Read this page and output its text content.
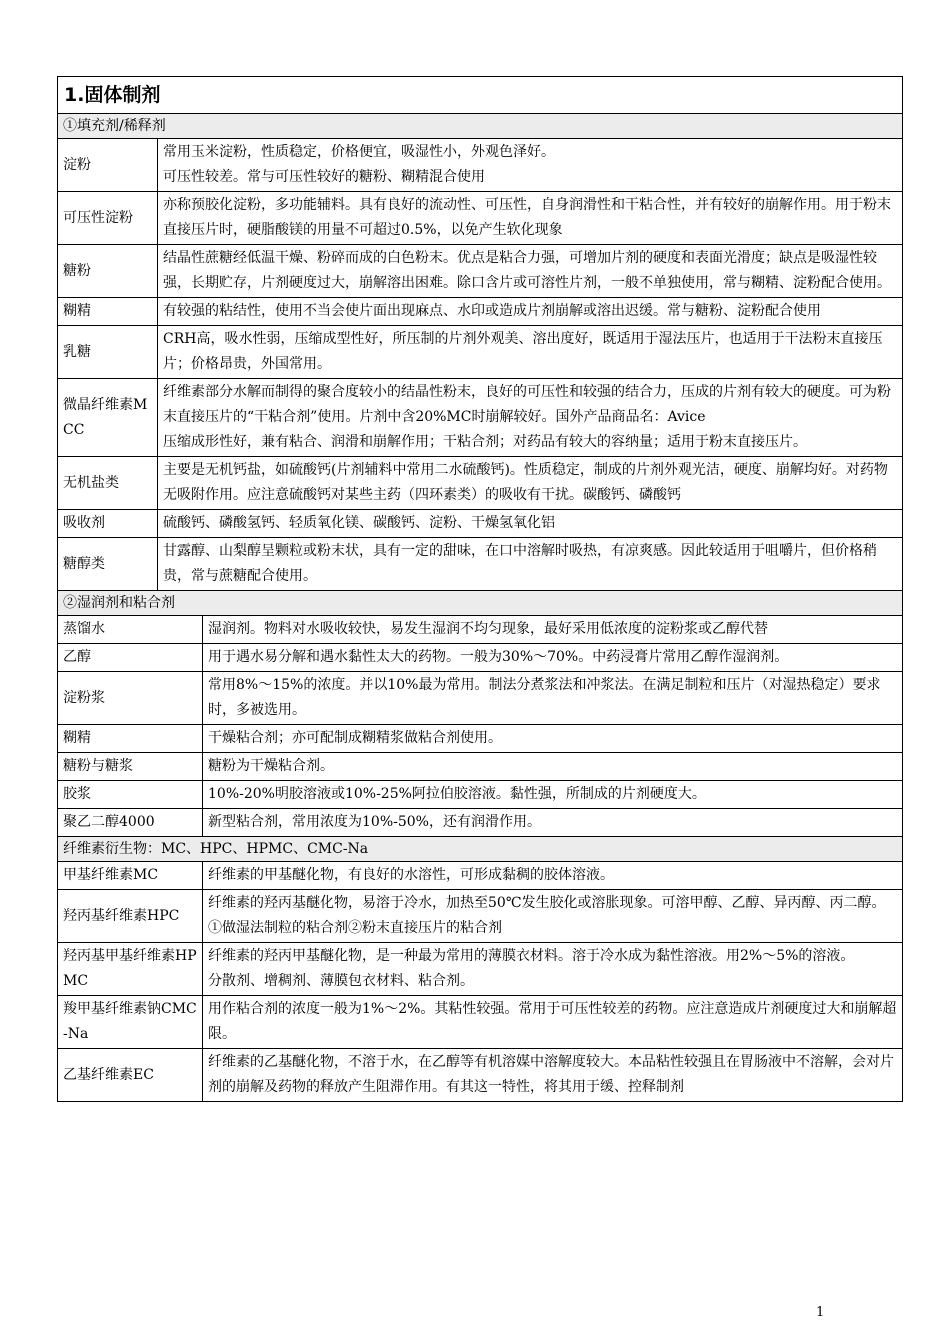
1.固体制剂		
①填充剂/稀释剂		
淀粉	常用玉米淀粉，性质稳定，价格便宜，吸湿性小，外观色泽好。
可压性较差。常与可压性较好的糖粉、糊精混合使用	

可压性淀粉	亦称预胶化淀粉，多功能辅料。具有良好的流动性、可压性，自身润滑性和干粘合性，并有较好的崩解作用。用于粉末直接压片时，硬脂酸镁的用量不可超过0.5%，以免产生软化现象	

糖粉	结晶性蔗糖经低温干燥、粉碎而成的白色粉末。优点是粘合力强，可增加片剂的硬度和表面光滑度；缺点是吸湿性较强，长期贮存，片剂硬度过大，崩解溶出困难。除口含片或可溶性片剂，一般不单独使用，常与糊精、淀粉配合使用。	

糊精	有较强的粘结性，使用不当会使片面出现麻点、水印或造成片剂崩解或溶出迟缓。常与糖粉、淀粉配合使用	

乳糖	CRH高，吸水性弱，压缩成型性好，所压制的片剂外观美、溶出度好，既适用于湿法压片，也适用于干法粉末直接压片；价格昂贵，外国常用。	

微晶纤维素MCC	纤维素部分水解而制得的聚合度较小的结晶性粉末，良好的可压性和较强的结合力，压成的片剂有较大的硬度。可为粉末直接压片的“干粘合剂”使用。片剂中含20%MC时崩解较好。国外产品商品名：Avice
压缩成形性好，兼有粘合、润滑和崩解作用；干粘合剂；对药品有较大的容纳量；适用于粉末直接压片。	

无机盐类	主要是无机钙盐，如硫酸钙(片剂辅料中常用二水硫酸钙)。性质稳定，制成的片剂外观光洁，硬度、崩解均好。对药物无吸附作用。应注意硫酸钙对某些主药（四环素类）的吸收有干扰。碳酸钙、磷酸钙	

吸收剂	硫酸钙、磷酸氢钙、轻质氧化镁、碳酸钙、淀粉、干燥氢氧化铝	

糖醇类	甘露醇、山梨醇呈颗粒或粉末状，具有一定的甜味，在口中溶解时吸热，有凉爽感。因此较适用于咀嚼片，但价格稍贵，常与蔗糖配合使用。	

②湿润剂和粘合剂		
蒸馏水		湿润剂。物料对水吸收较快，易发生湿润不均匀现象，最好采用低浓度的淀粉浆或乙醇代替

乙醇		用于遇水易分解和遇水黏性太大的药物。一般为30%～70%。中药浸膏片常用乙醇作湿润剂。

淀粉浆		常用8%～15%的浓度。并以10%最为常用。制法分煮浆法和冲浆法。在满足制粒和压片（对湿热稳定）要求时，多被选用。

糊精		干燥粘合剂；亦可配制成糊精浆做粘合剂使用。

糖粉与糖浆		糖粉为干燥粘合剂。

胶浆		10%-20%明胶溶液或10%-25%阿拉伯胶溶液。黏性强，所制成的片剂硬度大。

聚乙二醇4000		新型粘合剂，常用浓度为10%-50%，还有润滑作用。

纤维素衍生物：MC、HPC、HPMC、CMC-Na		
甲基纤维素MC		纤维素的甲基醚化物，有良好的水溶性，可形成黏稠的胶体溶液。

羟丙基纤维素HPC		纤维素的羟丙基醚化物，易溶于冷水，加热至50℃发生胶化或溶胀现象。可溶甲醇、乙醇、异丙醇、丙二醇。①做湿法制粒的粘合剂②粉末直接压片的粘合剂

羟丙基甲基纤维素HPMC		纤维素的羟丙甲基醚化物，是一种最为常用的薄膜衣材料。溶于冷水成为黏性溶液。用2%～5%的溶液。
分散剂、增稠剂、薄膜包衣材料、粘合剂。

羧甲基纤维素钠CMC-Na		用作粘合剂的浓度一般为1%～2%。其粘性较强。常用于可压性较差的药物。应注意造成片剂硬度过大和崩解超限。

乙基纤维素EC		纤维素的乙基醚化物，不溶于水，在乙醇等有机溶媒中溶解度较大。本品粘性较强且在胃肠液中不溶解，会对片剂的崩解及药物的释放产生阻滞作用。有其这一特性，将其用于缓、控释制剂
1
